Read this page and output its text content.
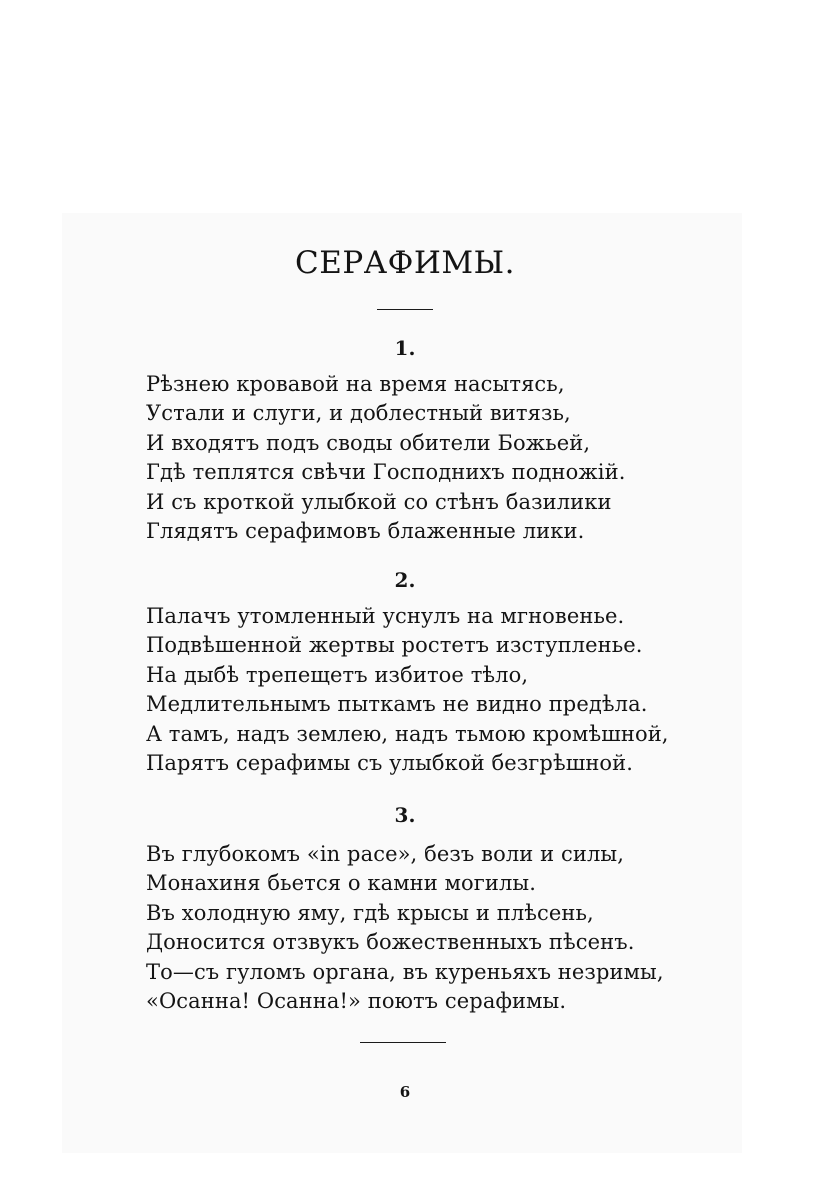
СЕРАФИМЫ.
1.
Рѣзнею кровавой на время насытясь,
Устали и слуги, и доблестный витязь,
И входятъ подъ своды обители Божьей,
Гдѣ теплятся свѣчи Господнихъ подножій.
И съ кроткой улыбкой со стѣнъ базилики
Глядятъ серафимовъ блаженные лики.
2.
Палачъ утомленный уснулъ на мгновенье.
Подвѣшенной жертвы ростетъ изступленье.
На дыбѣ трепещетъ избитое тѣло,
Медлительнымъ пыткамъ не видно предѣла.
А тамъ, надъ землею, надъ тьмою кромѣшной,
Парятъ серафимы съ улыбкой безгрѣшной.
3.
Въ глубокомъ «in pace», безъ воли и силы,
Монахиня бьется о камни могилы.
Въ холодную яму, гдѣ крысы и плѣсень,
Доносится отзвукъ божественныхъ пѣсенъ.
То—съ гуломъ органа, въ куреньяхъ незримы,
«Осанна! Осанна!» поютъ серафимы.
6
